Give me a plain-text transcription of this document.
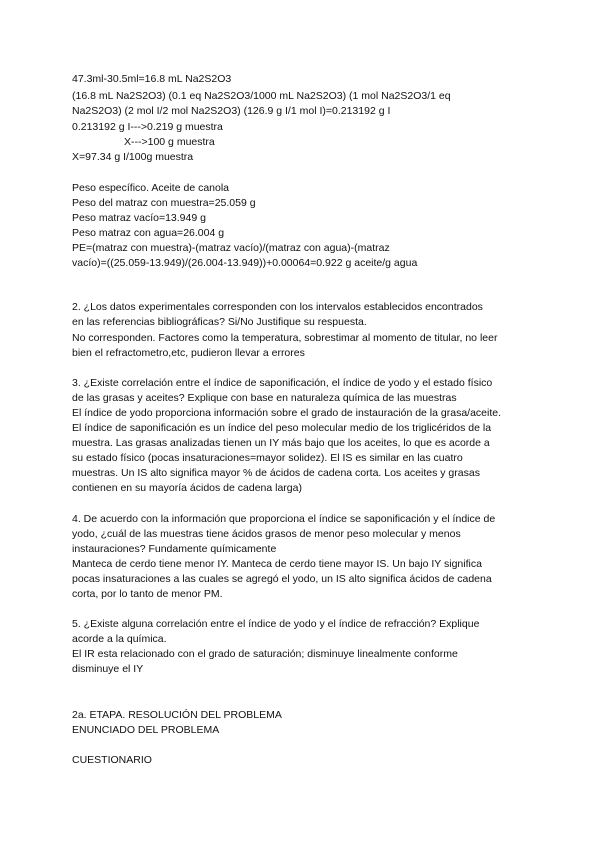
47.3ml-30.5ml=16.8 mL Na2S2O3
(16.8 mL Na2S2O3) (0.1 eq Na2S2O3/1000 mL Na2S2O3) (1 mol Na2S2O3/1 eq
Na2S2O3) (2 mol I/2 mol Na2S2O3) (126.9 g I/1 mol I)=0.213192 g I
0.213192 g I--->0.219 g muestra
X--->100 g muestra
X=97.34 g I/100g muestra
Peso específico. Aceite de canola
Peso del matraz con muestra=25.059 g
Peso matraz vacío=13.949 g
Peso matraz con agua=26.004 g
PE=(matraz con muestra)-(matraz vacío)/(matraz con agua)-(matraz
vacío)=((25.059-13.949)/(26.004-13.949))+0.00064=0.922 g aceite/g agua
2. ¿Los datos experimentales corresponden con los intervalos establecidos encontrados
en las referencias bibliográficas? Si/No Justifique su respuesta.
No corresponden. Factores como la temperatura, sobrestimar al momento de titular, no leer
bien el refractometro,etc, pudieron llevar a errores
3. ¿Existe correlación entre el índice de saponificación, el índice de yodo y el estado físico
de las grasas y aceites? Explique con base en naturaleza química de las muestras
El índice de yodo proporciona información sobre el grado de instauración de la grasa/aceite.
El índice de saponificación es un índice del peso molecular medio de los triglicéridos de la
muestra. Las grasas analizadas tienen un IY más bajo que los aceites, lo que es acorde a
su estado físico (pocas insaturaciones=mayor solidez). El IS es similar en las cuatro
muestras. Un IS alto significa mayor % de ácidos de cadena corta. Los aceites y grasas
contienen en su mayoría ácidos de cadena larga)
4. De acuerdo con la información que proporciona el índice se saponificación y el índice de
yodo, ¿cuál de las muestras tiene ácidos grasos de menor peso molecular y menos
instauraciones? Fundamente químicamente
Manteca de cerdo tiene menor IY. Manteca de cerdo tiene mayor IS. Un bajo IY significa
pocas insaturaciones a las cuales se agregó el yodo, un IS alto significa ácidos de cadena
corta, por lo tanto de menor PM.
5. ¿Existe alguna correlación entre el índice de yodo y el índice de refracción? Explique
acorde a la química.
El IR esta relacionado con el grado de saturación; disminuye linealmente conforme
disminuye el IY
2a. ETAPA. RESOLUCIÓN DEL PROBLEMA
ENUNCIADO DEL PROBLEMA
CUESTIONARIO
